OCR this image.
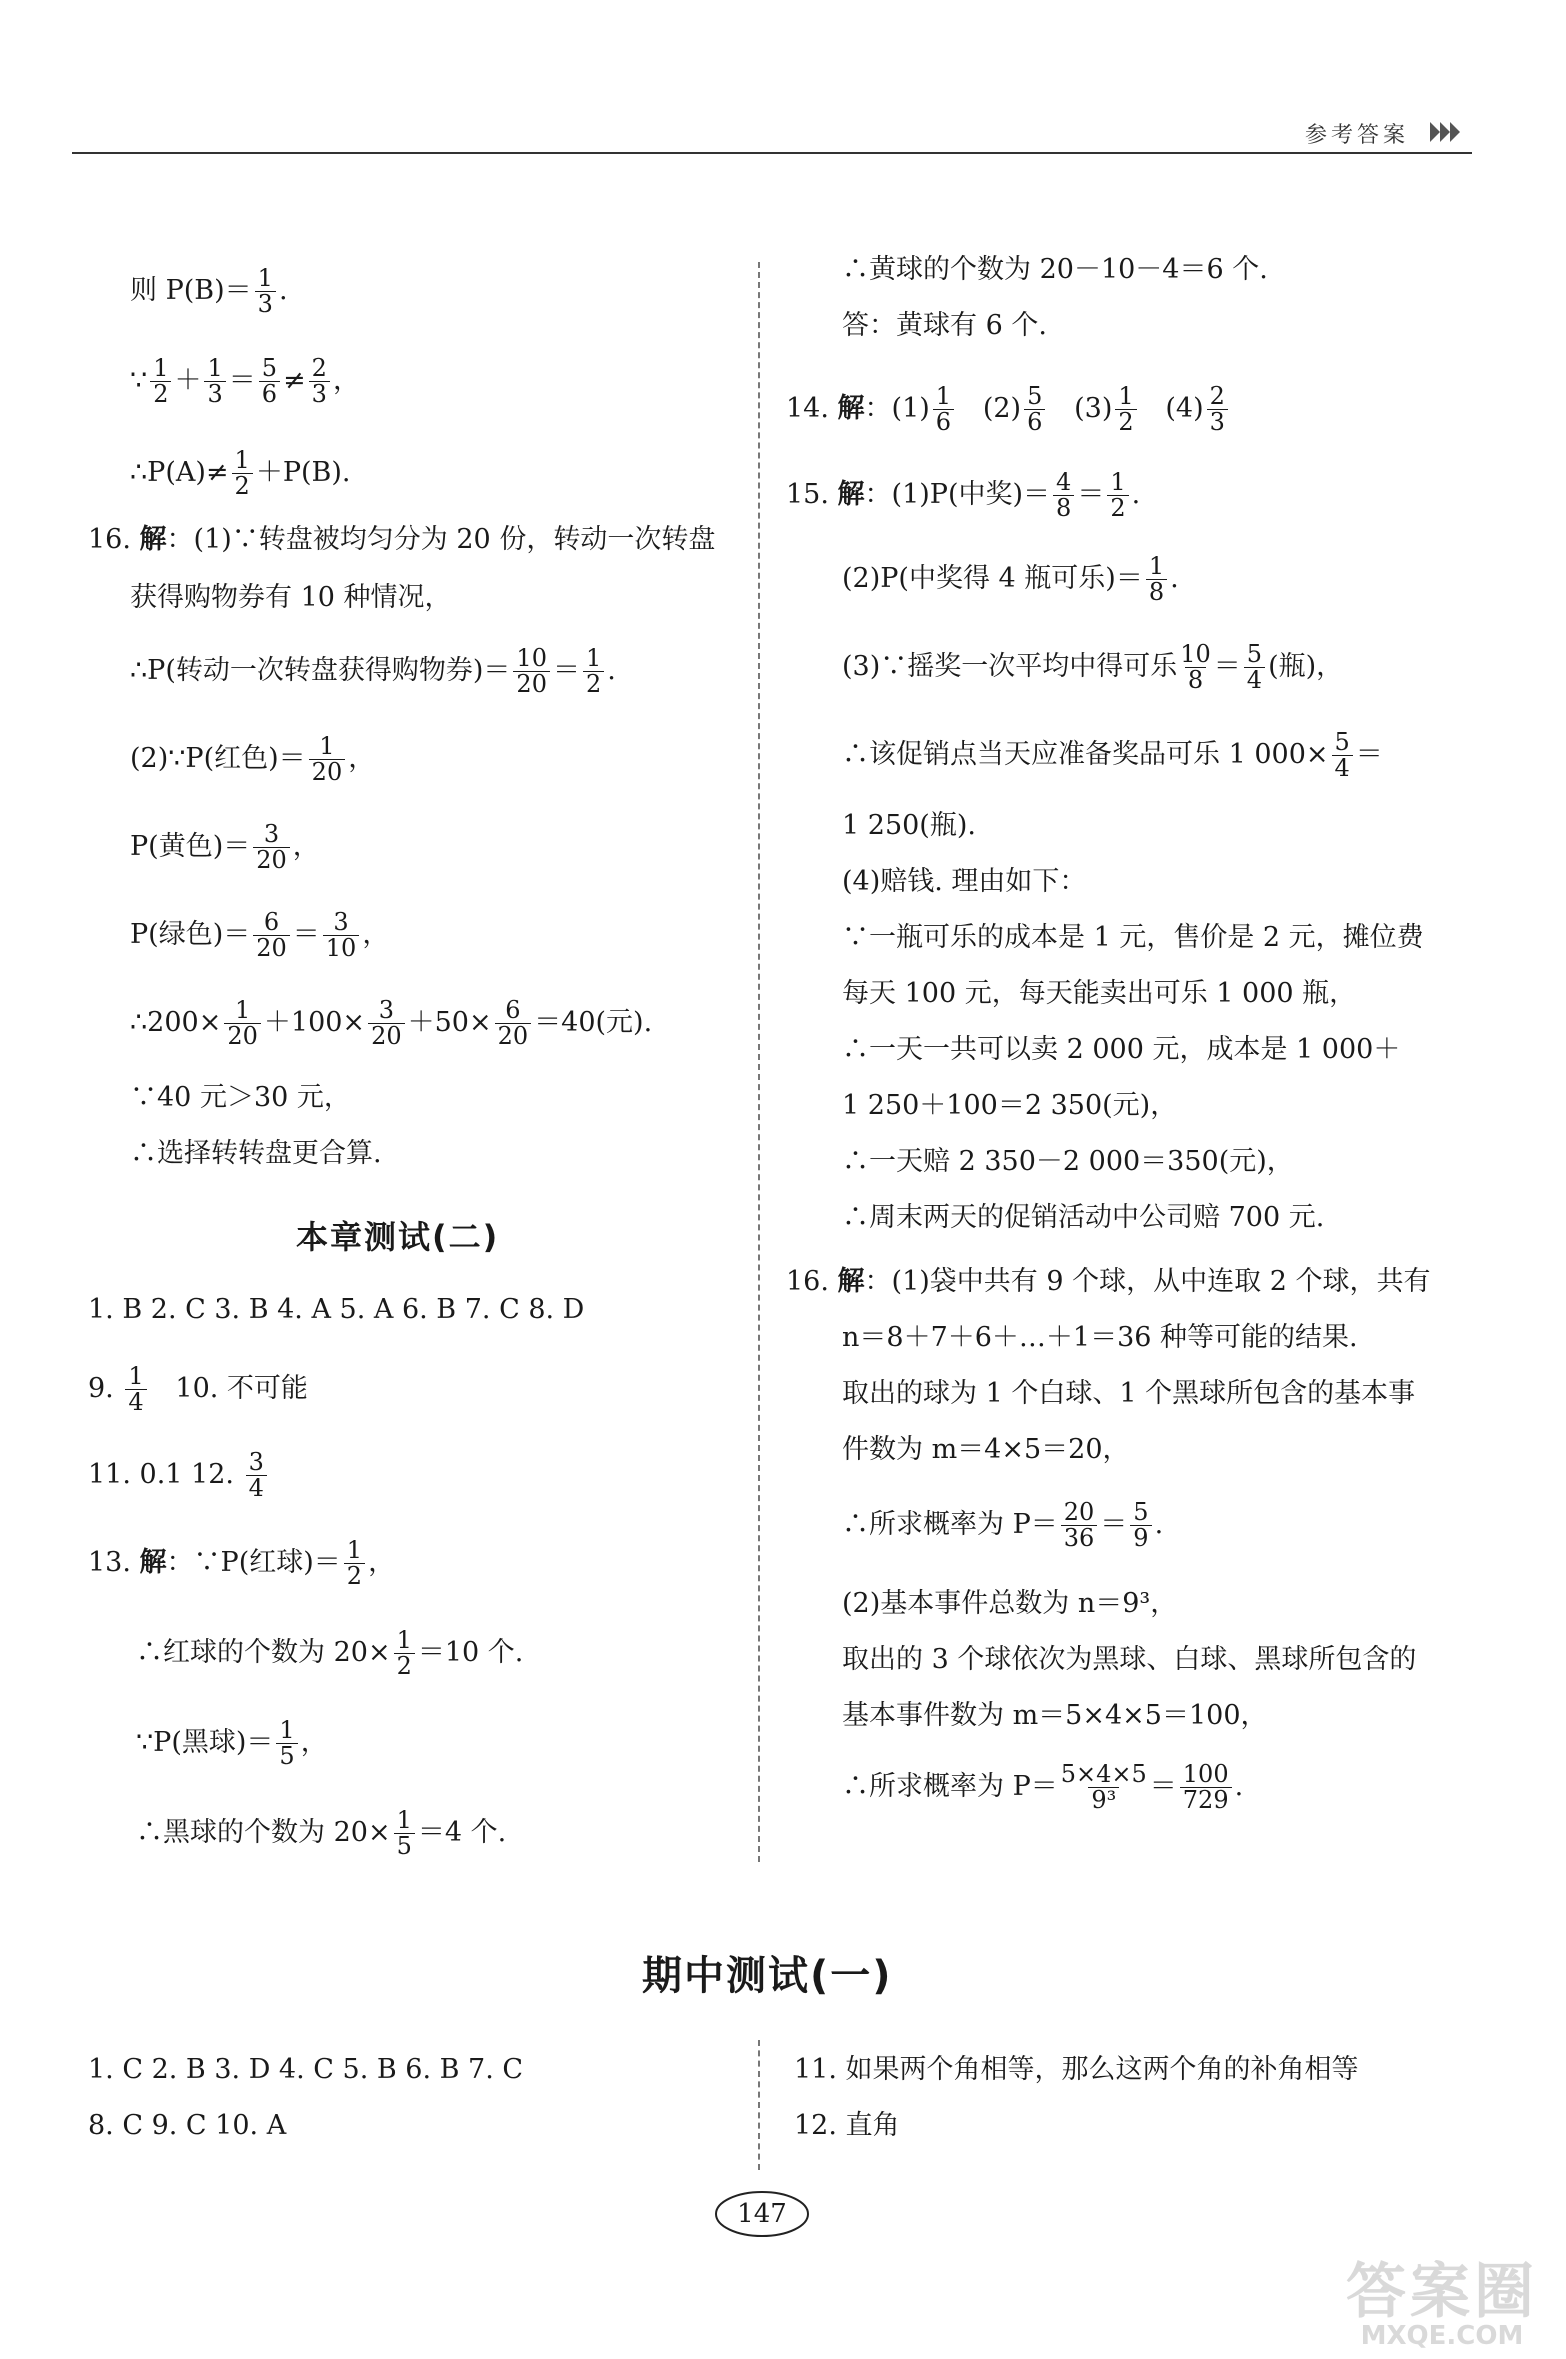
参考答案
则 $P(B)= \frac{1}{3}$ .
∵ $\frac{1}{2} + \frac{1}{3} = \frac{5}{6} \ne \frac{2}{3}$ ，
∴P(A)≠ $\frac{1}{2} +P(B)$.
16. 解：(1)∵转盘被均匀分为 20 份，转动一次转盘
获得购物券有 10 种情况，
∴P(转动一次转盘获得购物券)＝ $\frac{10}{20} = \frac{1}{2}$ .
(2)∵P(红色)＝ $\frac{1}{20}$ ，
P(黄色)＝ $\frac{3}{20}$ ，
P(绿色)＝ $\frac{6}{20} = \frac{3}{10}$ ，
∴200× $\frac{1}{20} +100\times \frac{3}{20} +50\times \frac{6}{20} =40$(元).
∵40 元＞30 元，
∴选择转转盘更合算.
本章测试(二)
1. B 2. C 3. B 4. A 5. A 6. B 7. C 8. D
9. $\frac{1}{4} 10$. 不可能
11. 0.1 12. $\frac{3}{4}$
13. 解：∵P(红球)＝ $\frac{1}{2}$ ，
∴红球的个数为 $20\times \frac{1}{2} =10$ 个.
∵P(黑球)＝ $\frac{1}{5}$ ，
∴黑球的个数为 $20\times \frac{1}{5} =4$ 个.
∴黄球的个数为 20－10－4＝6 个.
答：黄球有 6 个.
14. 解：$(1) \frac{1}{6} (2) \frac{5}{6} (3) \frac{1}{2} (4) \frac{2}{3}$
15. 解：(1)P(中奖)＝ $\frac{4}{8} = \frac{1}{2}$ .
(2)P(中奖得 4 瓶可乐)＝ $\frac{1}{8}$ .
(3)∵摇奖一次平均中得可乐 $\frac{10}{8} = \frac{5}{4}$ (瓶)，
∴该促销点当天应准备奖品可乐 1 $000\times \frac{5}{4}$ ＝
1 250(瓶).
(4)赔钱. 理由如下：
∵一瓶可乐的成本是 1 元，售价是 2 元，摊位费
每天 100 元，每天能卖出可乐 1 000 瓶，
∴一天一共可以卖 2 000 元，成本是 1 000＋
1 250＋100＝2 350(元)，
∴一天赔 2 350－2 000＝350(元)，
∴周末两天的促销活动中公司赔 700 元.
16. 解：(1)袋中共有 9 个球，从中连取 2 个球，共有
n＝8＋7＋6＋…＋1＝36 种等可能的结果.
取出的球为 1 个白球、1 个黑球所包含的基本事
件数为 m＝4×5＝20，
∴所求概率为 $P= \frac{20}{36} = \frac{5}{9}$ .
(2)基本事件总数为 n＝9³，
取出的 3 个球依次为黑球、白球、黑球所包含的
基本事件数为 m＝5×4×5＝100，
∴所求概率为 $P= \frac{5\times 4\times 5}{\text{9³}} = \frac{100}{729}$ .
期中测试(一)
1. C 2. B 3. D 4. C 5. B 6. B 7. C
8. C 9. C 10. A
11. 如果两个角相等，那么这两个角的补角相等
12. 直角
147
答案圈
MXQE.COM
